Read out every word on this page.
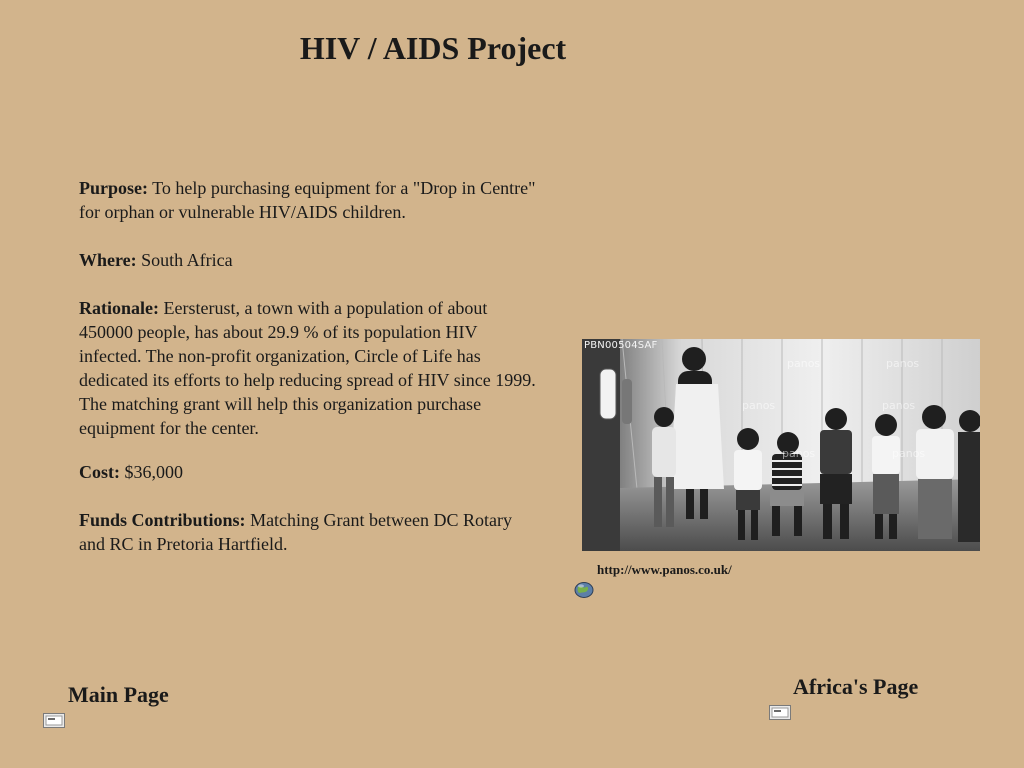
HIV / AIDS Project

Purpose: To help purchasing equipment for a "Drop in Centre" for orphan or vulnerable HIV/AIDS children.

Where: South Africa

Rationale: Eersterust, a town with a population of about 450000 people, has about 29.9 % of its population HIV infected. The non-profit organization, Circle of Life has dedicated its efforts to help reducing spread of HIV since 1999. The matching grant will help this organization purchase equipment for the center.

Cost: $36,000

Funds Contributions: Matching Grant between DC Rotary and RC in Pretoria Hartfield.

panos	panos
panos	panos
panos	panos
PBN00504SAF
http://www.panos.co.uk/
Main Page	Africa's Page
